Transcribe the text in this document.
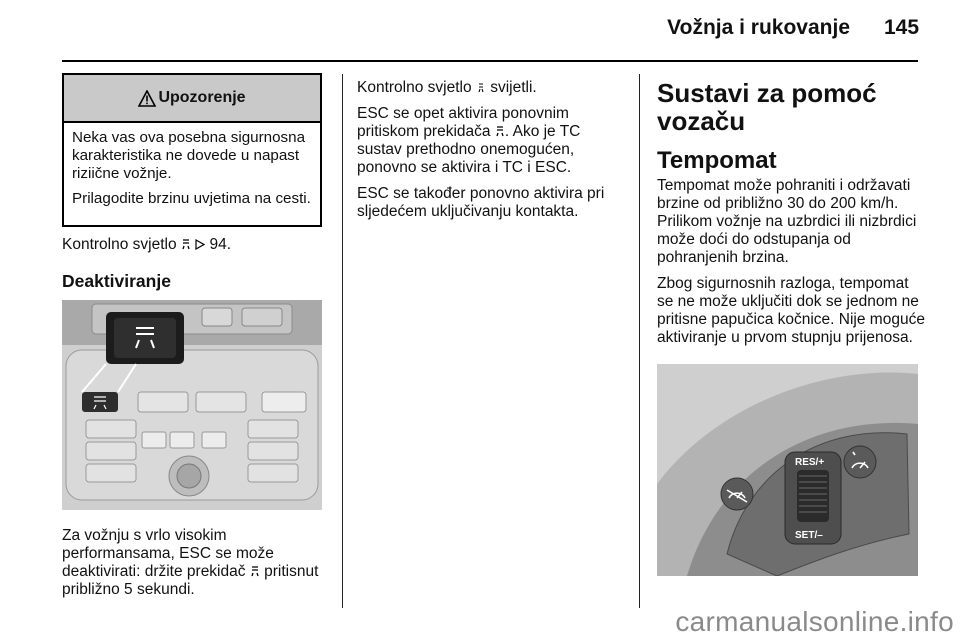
Vožnja i rukovanje 145
Upozorenje

Neka vas ova posebna sigurnosna karakteristika ne dovede u napast riziične vožnje.

Prilagodite brzinu uvjetima na cesti.

Kontrolno svjetlo 94.
Deaktiviranje
Za vožnju s vrlo visokim performansama, ESC se može deaktivirati: držite prekidač pritisnut približno 5 sekundi.

Kontrolno svjetlo svijetli.

ESC se opet aktivira ponovnim pritiskom prekidača . Ako je TC sustav prethodno onemogućen, ponovno se aktivira i TC i ESC.

ESC se također ponovno aktivira pri sljedećem uključivanju kontakta.

Sustavi za pomoć vozaču
Tempomat

Tempomat može pohraniti i održavati brzine od približno 30 do 200 km/h. Prilikom vožnje na uzbrdici ili nizbrdici može doći do odstupanja od pohranjenih brzina.

Zbog sigurnosnih razloga, tempomat se ne može uključiti dok se jednom ne pritisne papučica kočnice. Nije moguće aktiviranje u prvom stupnju prijenosa.

RES/+
SET/–
carmanualsonline.info
